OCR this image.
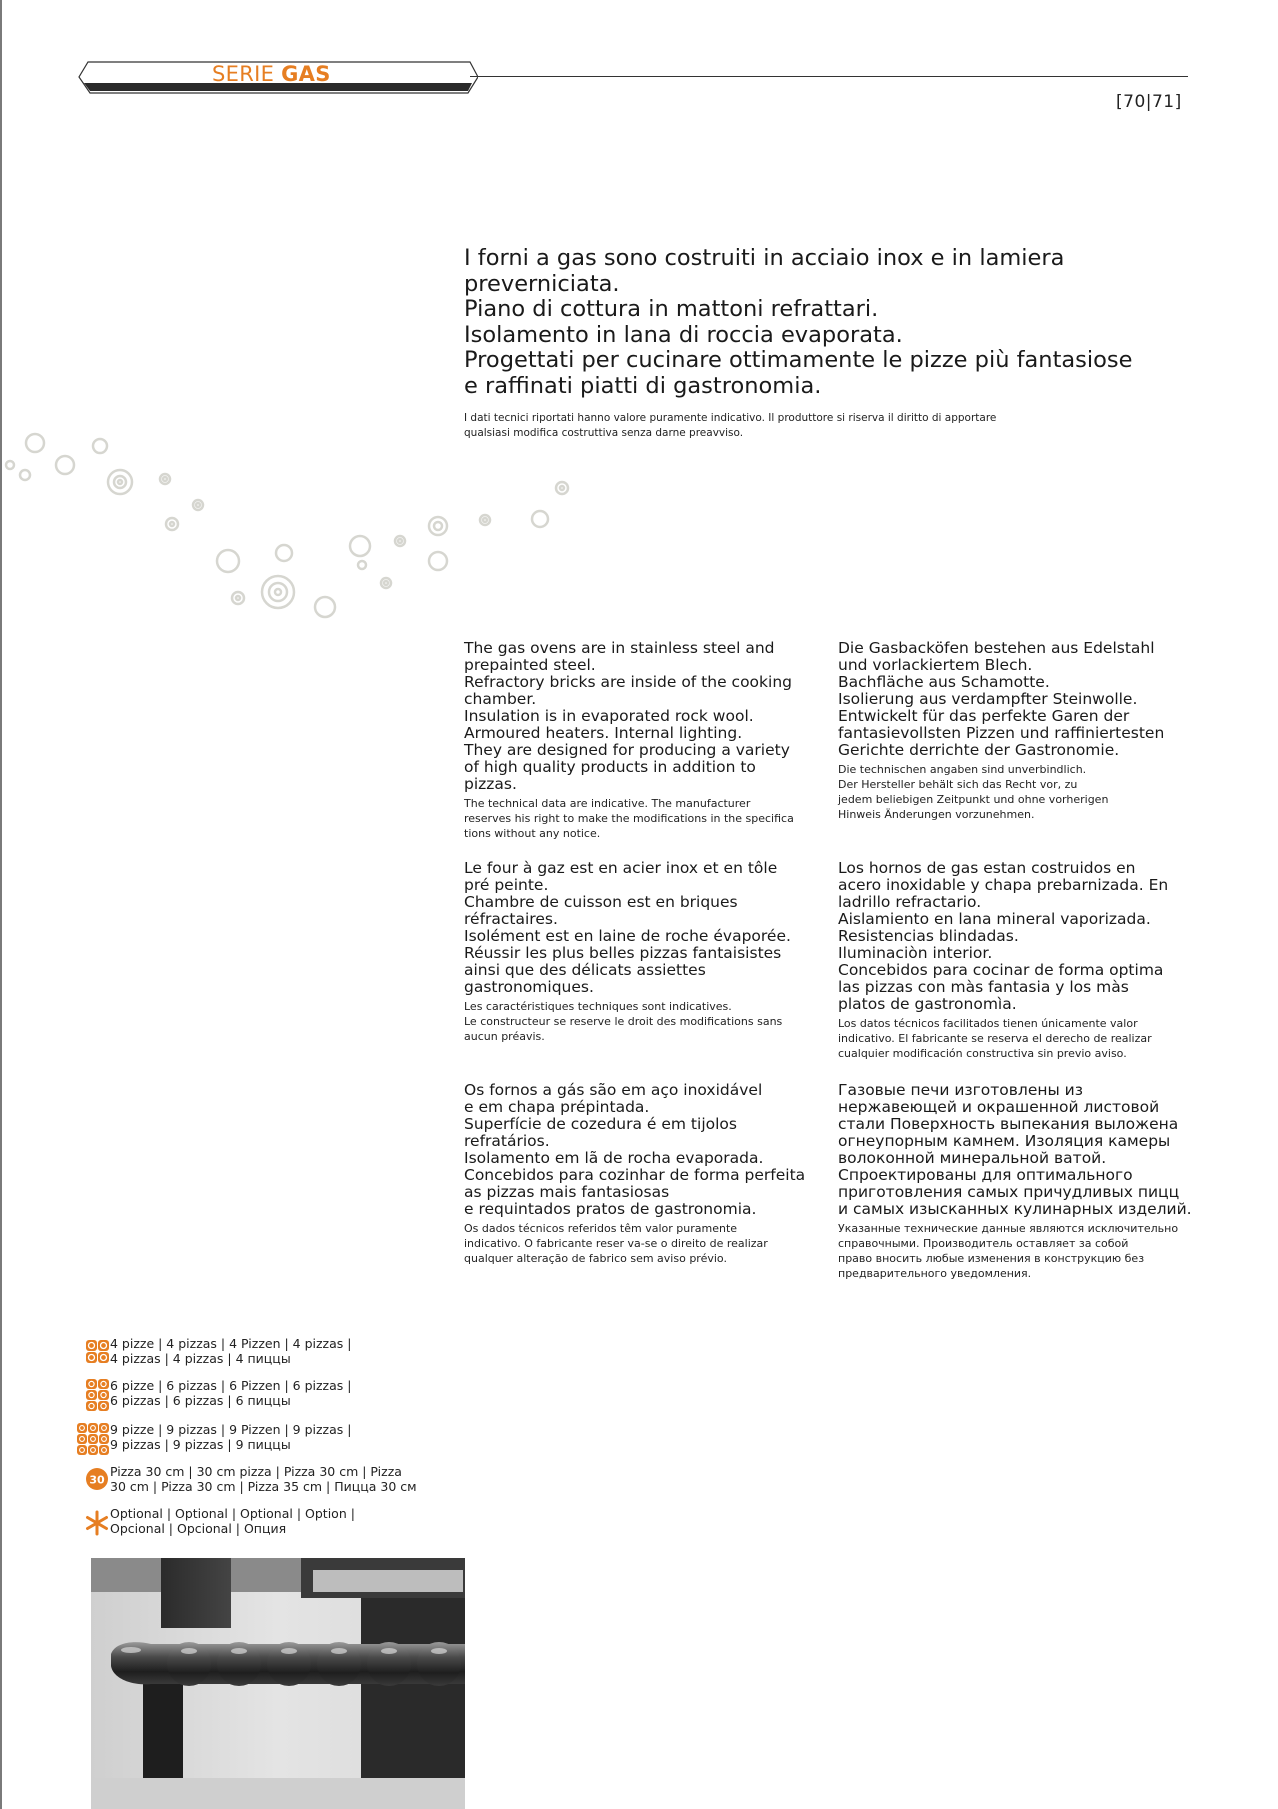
SERIE GAS
[70|71]
I forni a gas sono costruiti in acciaio inox e in lamiera
preverniciata.
Piano di cottura in mattoni refrattari.
Isolamento in lana di roccia evaporata.
Progettati per cucinare ottimamente le pizze più fantasiose
e raffinati piatti di gastronomia.
I dati tecnici riportati hanno valore puramente indicativo. Il produttore si riserva il diritto di apportare
qualsiasi modifica costruttiva senza darne preavviso.
The gas ovens are in stainless steel and
prepainted steel.
Refractory bricks are inside of the cooking
chamber.
Insulation is in evaporated rock wool.
Armoured heaters. Internal lighting.
They are designed for producing a variety
of high quality products in addition to
pizzas.
The technical data are indicative. The manufacturer
reserves his right to make the modifications in the specifica
tions without any notice.
Die Gasbacköfen bestehen aus Edelstahl
und vorlackiertem Blech.
Bachfläche aus Schamotte.
Isolierung aus verdampfter Steinwolle.
Entwickelt für das perfekte Garen der
fantasievollsten Pizzen und raffiniertesten
Gerichte derrichte der Gastronomie.
Die technischen angaben sind unverbindlich.
Der Hersteller behält sich das Recht vor, zu
jedem beliebigen Zeitpunkt und ohne vorherigen
Hinweis Änderungen vorzunehmen.
Le four à gaz est en acier inox et en tôle
pré peinte.
Chambre de cuisson est en briques
réfractaires.
Isolément est en laine de roche évaporée.
Réussir les plus belles pizzas fantaisistes
ainsi que des délicats assiettes
gastronomiques.
Les caractéristiques techniques sont indicatives.
Le constructeur se reserve le droit des modifications sans
aucun préavis.
Los hornos de gas estan costruidos en
acero inoxidable y chapa prebarnizada. En
ladrillo refractario.
Aislamiento en lana mineral vaporizada.
Resistencias blindadas.
Iluminaciòn interior.
Concebidos para cocinar de forma optima
las pizzas con màs fantasia y los màs
platos de gastronomìa.
Los datos técnicos facilitados tienen únicamente valor
indicativo. El fabricante se reserva el derecho de realizar
cualquier modificación constructiva sin previo aviso.
Os fornos a gás são em aço inoxidável
e em chapa prépintada.
Superfície de cozedura é em tijolos
refratários.
Isolamento em lã de rocha evaporada.
Concebidos para cozinhar de forma perfeita
as pizzas mais fantasiosas
e requintados pratos de gastronomia.
Os dados técnicos referidos têm valor puramente
indicativo. O fabricante reser va-se o direito de realizar
qualquer alteração de fabrico sem aviso prévio.
Газовые печи изготовлены из
нержавеющей и окрашенной листовой
стали Поверхность выпекания выложена
огнеупорным камнем. Изоляция камеры
волоконной минеральной ватой.
Спроектированы для оптимального
приготовления самых причудливых пицц
и самых изысканных кулинарных изделий.
Указанные технические данные являются исключительно
справочными. Производитель оставляет за собой
право вносить любые изменения в конструкцию без
предварительного уведомления.
4 pizze | 4 pizzas | 4 Pizzen | 4 pizzas |
4 pizzas | 4 pizzas | 4 пиццы
6 pizze | 6 pizzas | 6 Pizzen | 6 pizzas |
6 pizzas | 6 pizzas | 6 пиццы
9 pizze | 9 pizzas | 9 Pizzen | 9 pizzas |
9 pizzas | 9 pizzas | 9 пиццы
30
Pizza 30 cm | 30 cm pizza | Pizza 30 cm | Pizza
30 cm | Pizza 30 cm | Pizza 35 cm | Пицца 30 см
Optional | Optional | Optional | Option |
Opcional | Opcional | Опция
